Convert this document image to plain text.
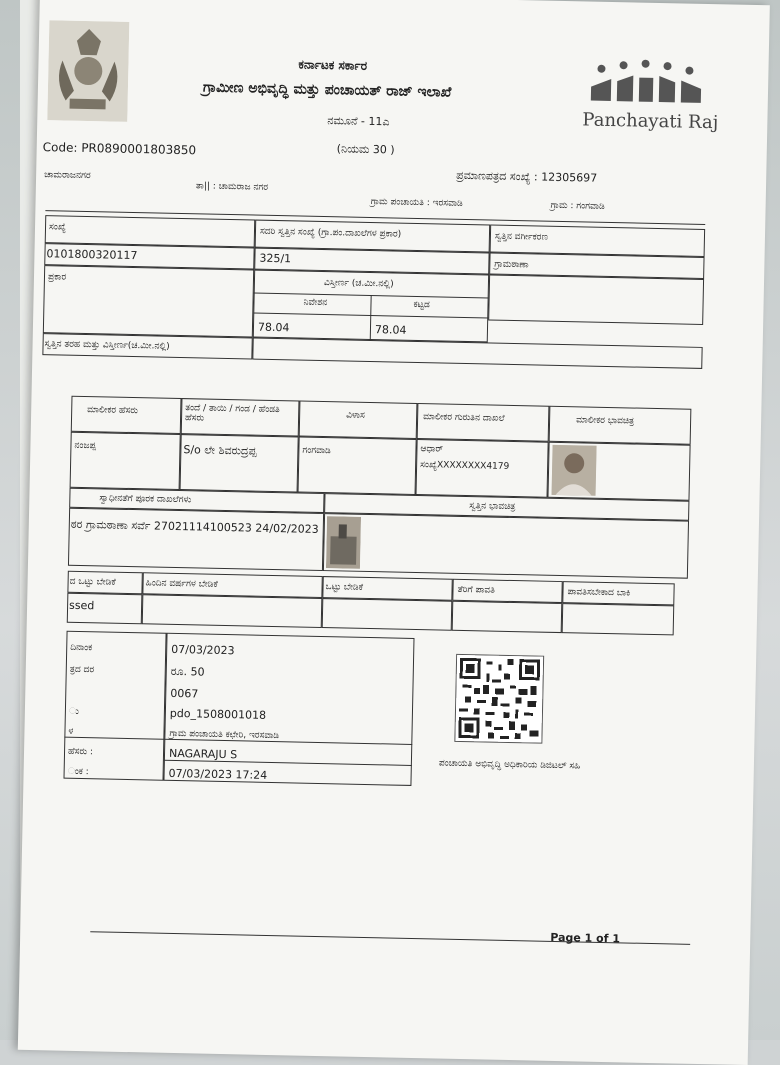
ಕರ್ನಾಟಕ ಸರ್ಕಾರ
ಗ್ರಾಮೀಣ ಅಭಿವೃದ್ಧಿ ಮತ್ತು ಪಂಚಾಯತ್ ರಾಜ್ ಇಲಾಖೆ
ನಮೂನೆ - 11ಎ
(ನಿಯಮ 30 )
Code: PR0890001803850
Panchayati Raj
ಪ್ರಮಾಣಪತ್ರದ ಸಂಖ್ಯೆ : 12305697
ಚಾಮರಾಜನಗರ
ತಾ|| : ಚಾಮರಾಜ ನಗರ
ಗ್ರಾಮ ಪಂಚಾಯತಿ : ಇರಸವಾಡಿ	ಗ್ರಾಮ : ಗಂಗವಾಡಿ
ಸಂಖ್ಯೆ	ಸದರಿ ಸ್ವತ್ತಿನ ಸಂಖ್ಯೆ (ಗ್ರಾ.ಪಂ.ದಾಖಲೆಗಳ ಪ್ರಕಾರ)	ಸ್ವತ್ತಿನ ವರ್ಗೀಕರಣ
0101800320117	325/1	ಗ್ರಾಮಠಾಣಾ
ಪ್ರಕಾರ
ವಿಸ್ತೀರ್ಣ (ಚ.ಮೀ.ನಲ್ಲಿ)
ನಿವೇಶನ	ಕಟ್ಟಡ
78.04	78.04
ಸ್ವತ್ತಿನ ತರಹ ಮತ್ತು ವಿಸ್ತೀರ್ಣ(ಚ.ಮೀ.ನಲ್ಲಿ)
ಮಾಲೀಕರ ಹೆಸರು	ತಂದೆ / ತಾಯಿ / ಗಂಡ / ಹೆಂಡತಿ ಹೆಸರು	ವಿಳಾಸ	ಮಾಲೀಕರ ಗುರುತಿನ ದಾಖಲೆ	ಮಾಲೀಕರ ಭಾವಚಿತ್ರ
ನಂಜಪ್ಪ	S/o ಲೇ ಶಿವರುದ್ರಪ್ಪ	ಗಂಗವಾಡಿ	ಆಧಾರ್
ಸಂಖ್ಯೆXXXXXXXX4179
ಸ್ವಾಧೀನತೆಗೆ ಪೂರಕ ದಾಖಲೆಗಳು
ಸ್ವತ್ತಿನ ಭಾವಚಿತ್ರ
ಠರ ಗ್ರಾಮಠಾಣಾ ಸರ್ವೆ 27021114100523 24/02/2023
ದ ಒಟ್ಟು ಬೇಡಿಕೆ	ಹಿಂದಿನ ವರ್ಷಗಳ ಬೇಡಿಕೆ	ಒಟ್ಟು ಬೇಡಿಕೆ	ತೆರಿಗೆ ಪಾವತಿ	ಪಾವತಿಸಬೇಕಾದ ಬಾಕಿ
ssed
ದಿನಾಂಕ	07/03/2023
ತ್ರದ ದರ	ರೂ. 50
0067
ು	pdo_1508001018
ಳ	ಗ್ರಾಮ ಪಂಚಾಯತಿ ಕಛೇರಿ, ಇರಸವಾಡಿ
ಹೆಸರು :	NAGARAJU S
ಂಕ :	07/03/2023 17:24
ಪಂಚಾಯತಿ ಅಭಿವೃದ್ಧಿ ಅಧಿಕಾರಿಯ ಡಿಜಿಟಲ್ ಸಹಿ
Page 1 of 1
